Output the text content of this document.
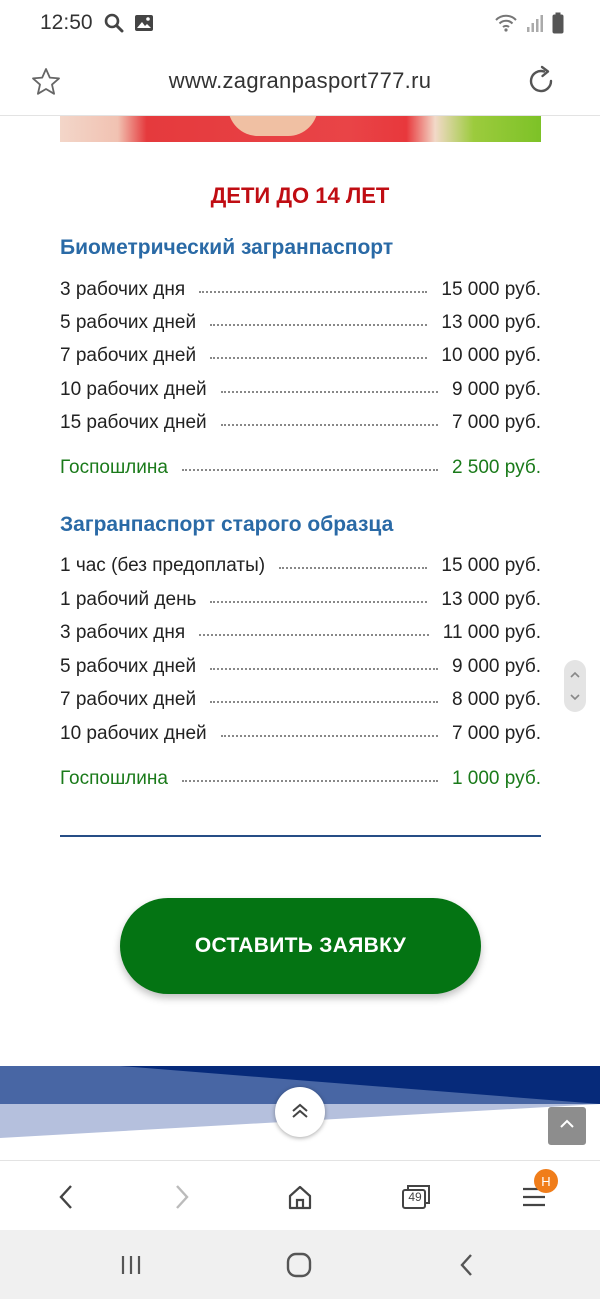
12:50
www.zagranpasport777.ru
ДЕТИ ДО 14 ЛЕТ
Биометрический загранпаспорт
3 рабочих дня	15 000 руб.
5 рабочих дней	13 000 руб.
7 рабочих дней	10 000 руб.
10 рабочих дней	9 000 руб.
15 рабочих дней	7 000 руб.
Госпошлина	2 500 руб.
Загранпаспорт старого образца
1 час (без предоплаты)	15 000 руб.
1 рабочий день	13 000 руб.
3 рабочих дня	11 000 руб.
5 рабочих дней	9 000 руб.
7 рабочих дней	8 000 руб.
10 рабочих дней	7 000 руб.
Госпошлина	1 000 руб.
ОСТАВИТЬ ЗАЯВКУ
49
H
